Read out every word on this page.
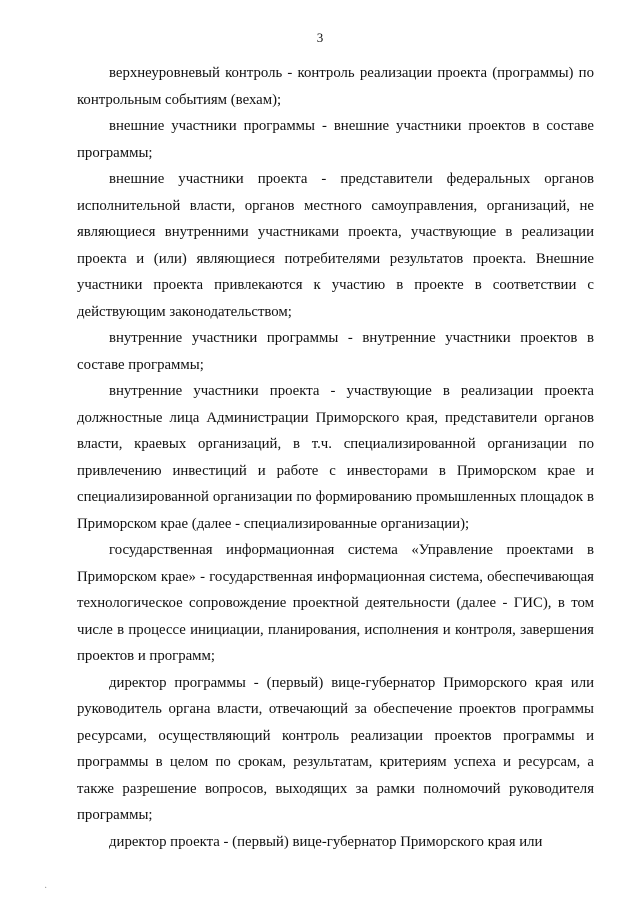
3

верхнеуровневый контроль - контроль реализации проекта (программы) по контрольным событиям (вехам);

внешние участники программы - внешние участники проектов в составе программы;

внешние участники проекта - представители федеральных органов исполнительной власти, органов местного самоуправления, организаций, не являющиеся внутренними участниками проекта, участвующие в реализации проекта и (или) являющиеся потребителями результатов проекта. Внешние участники проекта привлекаются к участию в проекте в соответствии с действующим законодательством;

внутренние участники программы - внутренние участники проектов в составе программы;

внутренние участники проекта - участвующие в реализации проекта должностные лица Администрации Приморского края, представители органов власти, краевых организаций, в т.ч. специализированной организации по привлечению инвестиций и работе с инвесторами в Приморском крае и специализированной организации по формированию промышленных площадок в Приморском крае (далее - специализированные организации);

государственная информационная система «Управление проектами в Приморском крае» - государственная информационная система, обеспечивающая технологическое сопровождение проектной деятельности (далее - ГИС), в том числе в процессе инициации, планирования, исполнения и контроля, завершения проектов и программ;

директор программы - (первый) вице-губернатор Приморского края или руководитель органа власти, отвечающий за обеспечение проектов программы ресурсами, осуществляющий контроль реализации проектов программы и программы в целом по срокам, результатам, критериям успеха и ресурсам, а также разрешение вопросов, выходящих за рамки полномочий руководителя программы;

директор проекта - (первый) вице-губернатор Приморского края или

·
